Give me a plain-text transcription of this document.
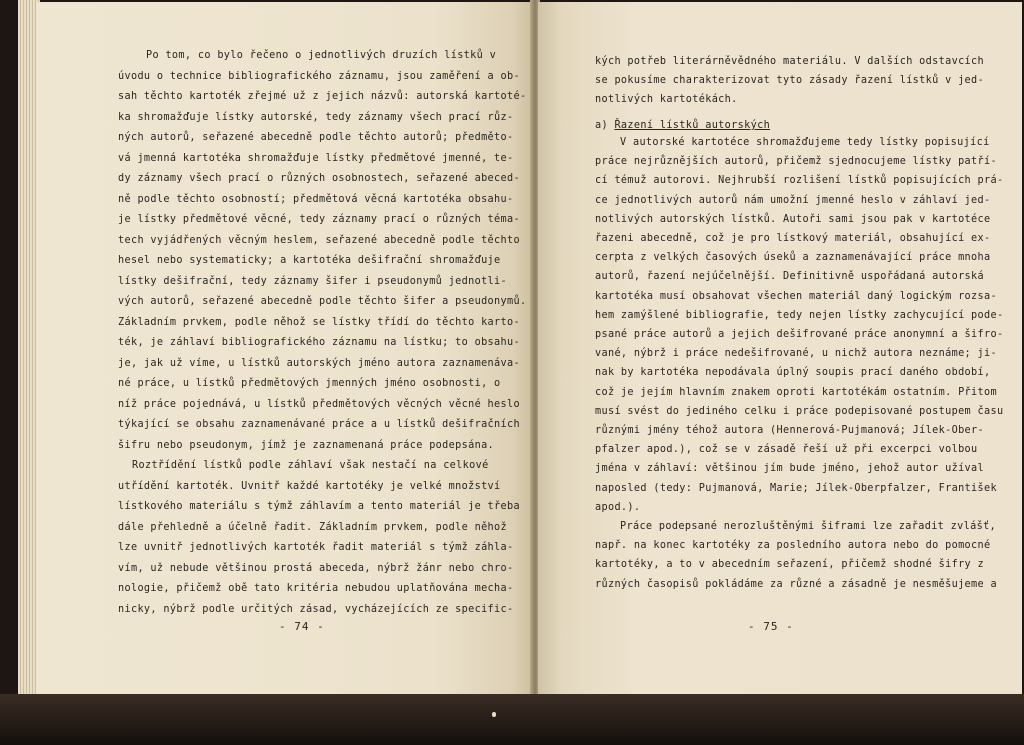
Po tom, co bylo řečeno o jednotlivých druzích lístků v
úvodu o technice bibliografického záznamu, jsou zaměření a ob-
sah těchto kartoték zřejmé už z jejich názvů: autorská kartoté-
ka shromažďuje lístky autorské, tedy záznamy všech prací růz-
ných autorů, seřazené abecedně podle těchto autorů; předměto-
vá jmenná kartotéka shromažďuje lístky předmětové jmenné, te-
dy záznamy všech prací o různých osobnostech, seřazené abeced-
ně podle těchto osobností; předmětová věcná kartotéka obsahu-
je lístky předmětové věcné, tedy záznamy prací o různých téma-
tech vyjádřených věcným heslem, seřazené abecedně podle těchto
hesel nebo systematicky; a kartotéka dešifrační shromažďuje
lístky dešifrační, tedy záznamy šifer i pseudonymů jednotli-
vých autorů, seřazené abecedně podle těchto šifer a pseudonymů.
Základním prvkem, podle něhož se lístky třídí do těchto karto-
ték, je záhlaví bibliografického záznamu na lístku; to obsahu-
je, jak už víme, u lístků autorských jméno autora zaznamenáva-
né práce, u lístků předmětových jmenných jméno osobnosti, o
níž práce pojednává, u lístků předmětových věcných věcné heslo
týkající se obsahu zaznamenávané práce a u lístků dešifračních
šifru nebo pseudonym, jímž je zaznamenaná práce podepsána.
Roztřídění lístků podle záhlaví však nestačí na celkové
utřídění kartoték. Uvnitř každé kartotéky je velké množství
lístkového materiálu s týmž záhlavím a tento materiál je třeba
dále přehledně a účelně řadit. Základním prvkem, podle něhož
lze uvnitř jednotlivých kartoték řadit materiál s týmž záhla-
vím, už nebude většinou prostá abeceda, nýbrž žánr nebo chro-
nologie, přičemž obě tato kritéria nebudou uplatňována mecha-
nicky, nýbrž podle určitých zásad, vycházejících ze specific-
- 74 -
kých potřeb literárněvědného materiálu. V dalších odstavcích
se pokusíme charakterizovat tyto zásady řazení lístků v jed-
notlivých kartotékách.
a) Řazení lístků autorských
V autorské kartotéce shromažďujeme tedy lístky popisující
práce nejrůznějších autorů, přičemž sjednocujeme lístky patří-
cí témuž autorovi. Nejhrubší rozlišení lístků popisujících prá-
ce jednotlivých autorů nám umožní jmenné heslo v záhlaví jed-
notlivých autorských lístků. Autoři sami jsou pak v kartotéce
řazeni abecedně, což je pro lístkový materiál, obsahující ex-
cerpta z velkých časových úseků a zaznamenávající práce mnoha
autorů, řazení nejúčelnější. Definitivně uspořádaná autorská
kartotéka musí obsahovat všechen materiál daný logickým rozsa-
hem zamýšlené bibliografie, tedy nejen lístky zachycující pode-
psané práce autorů a jejich dešifrované práce anonymní a šifro-
vané, nýbrž i práce nedešifrované, u nichž autora neznáme; ji-
nak by kartotéka nepodávala úplný soupis prací daného období,
což je jejím hlavním znakem oproti kartotékám ostatním. Přitom
musí svést do jediného celku i práce podepisované postupem času
různými jmény téhož autora (Hennerová-Pujmanová; Jílek-Ober-
pfalzer apod.), což se v zásadě řeší už při excerpci volbou
jména v záhlaví: většinou jím bude jméno, jehož autor užíval
naposled (tedy: Pujmanová, Marie; Jílek-Oberpfalzer, František
apod.).
Práce podepsané nerozluštěnými šiframi lze zařadit zvlášť,
např. na konec kartotéky za posledního autora nebo do pomocné
kartotéky, a to v abecedním seřazení, přičemž shodné šifry z
různých časopisů pokládáme za různé a zásadně je nesměšujeme a
- 75 -
